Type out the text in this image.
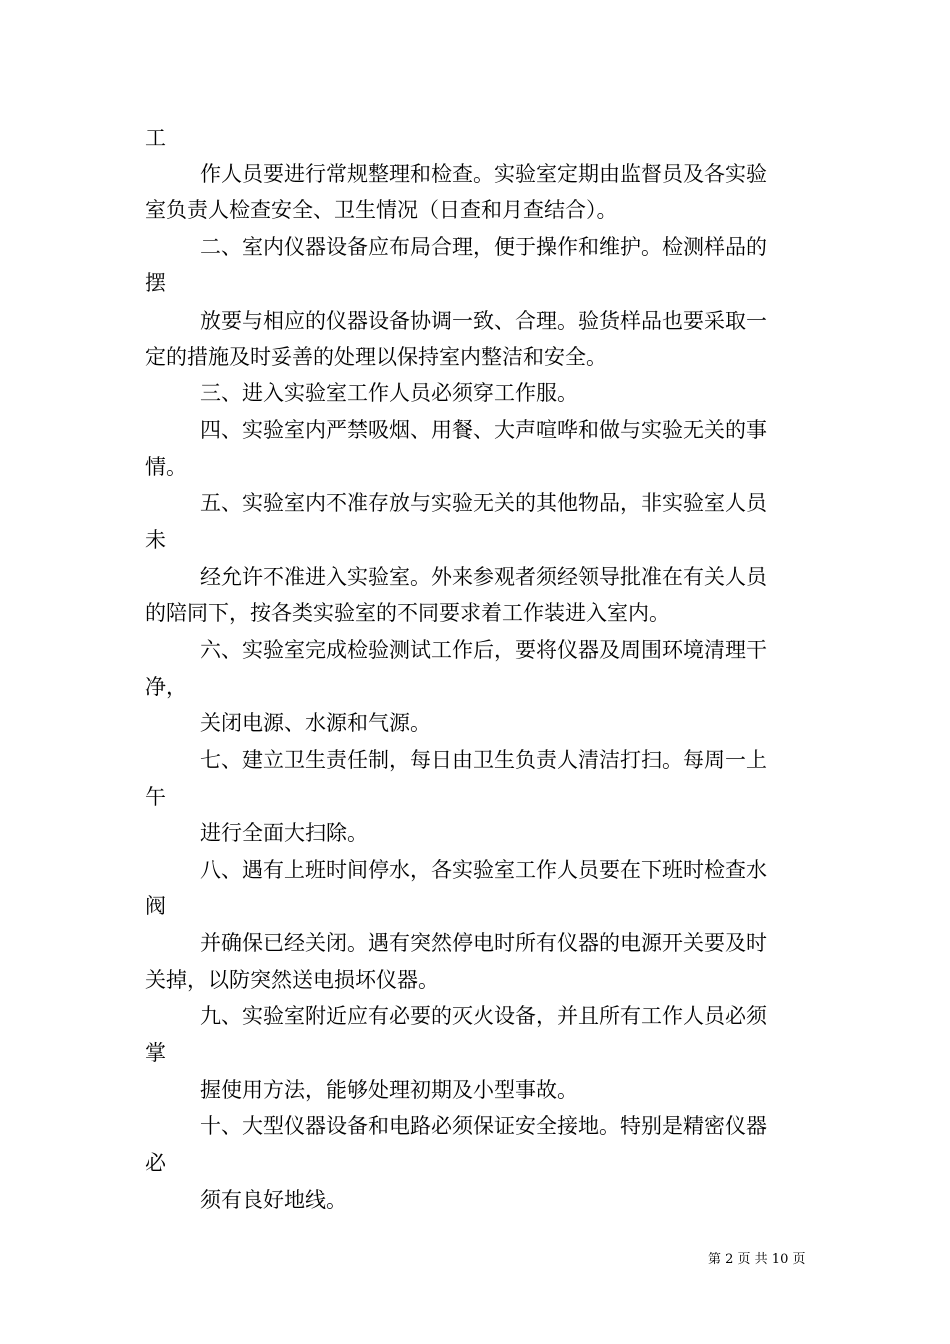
工
作人员要进行常规整理和检查。实验室定期由监督员及各实验
室负责人检查安全、卫生情况（日查和月查结合）。
二、室内仪器设备应布局合理，便于操作和维护。检测样品的
摆
放要与相应的仪器设备协调一致、合理。验货样品也要采取一
定的措施及时妥善的处理以保持室内整洁和安全。
三、进入实验室工作人员必须穿工作服。
四、实验室内严禁吸烟、用餐、大声喧哗和做与实验无关的事
情。
五、实验室内不准存放与实验无关的其他物品，非实验室人员
未
经允许不准进入实验室。外来参观者须经领导批准在有关人员
的陪同下，按各类实验室的不同要求着工作装进入室内。
六、实验室完成检验测试工作后，要将仪器及周围环境清理干
净，
关闭电源、水源和气源。
七、建立卫生责任制，每日由卫生负责人清洁打扫。每周一上
午
进行全面大扫除。
八、遇有上班时间停水，各实验室工作人员要在下班时检查水
阀
并确保已经关闭。遇有突然停电时所有仪器的电源开关要及时
关掉，以防突然送电损坏仪器。
九、实验室附近应有必要的灭火设备，并且所有工作人员必须
掌
握使用方法，能够处理初期及小型事故。
十、大型仪器设备和电路必须保证安全接地。特别是精密仪器
必
须有良好地线。
第 2 页 共 10 页
